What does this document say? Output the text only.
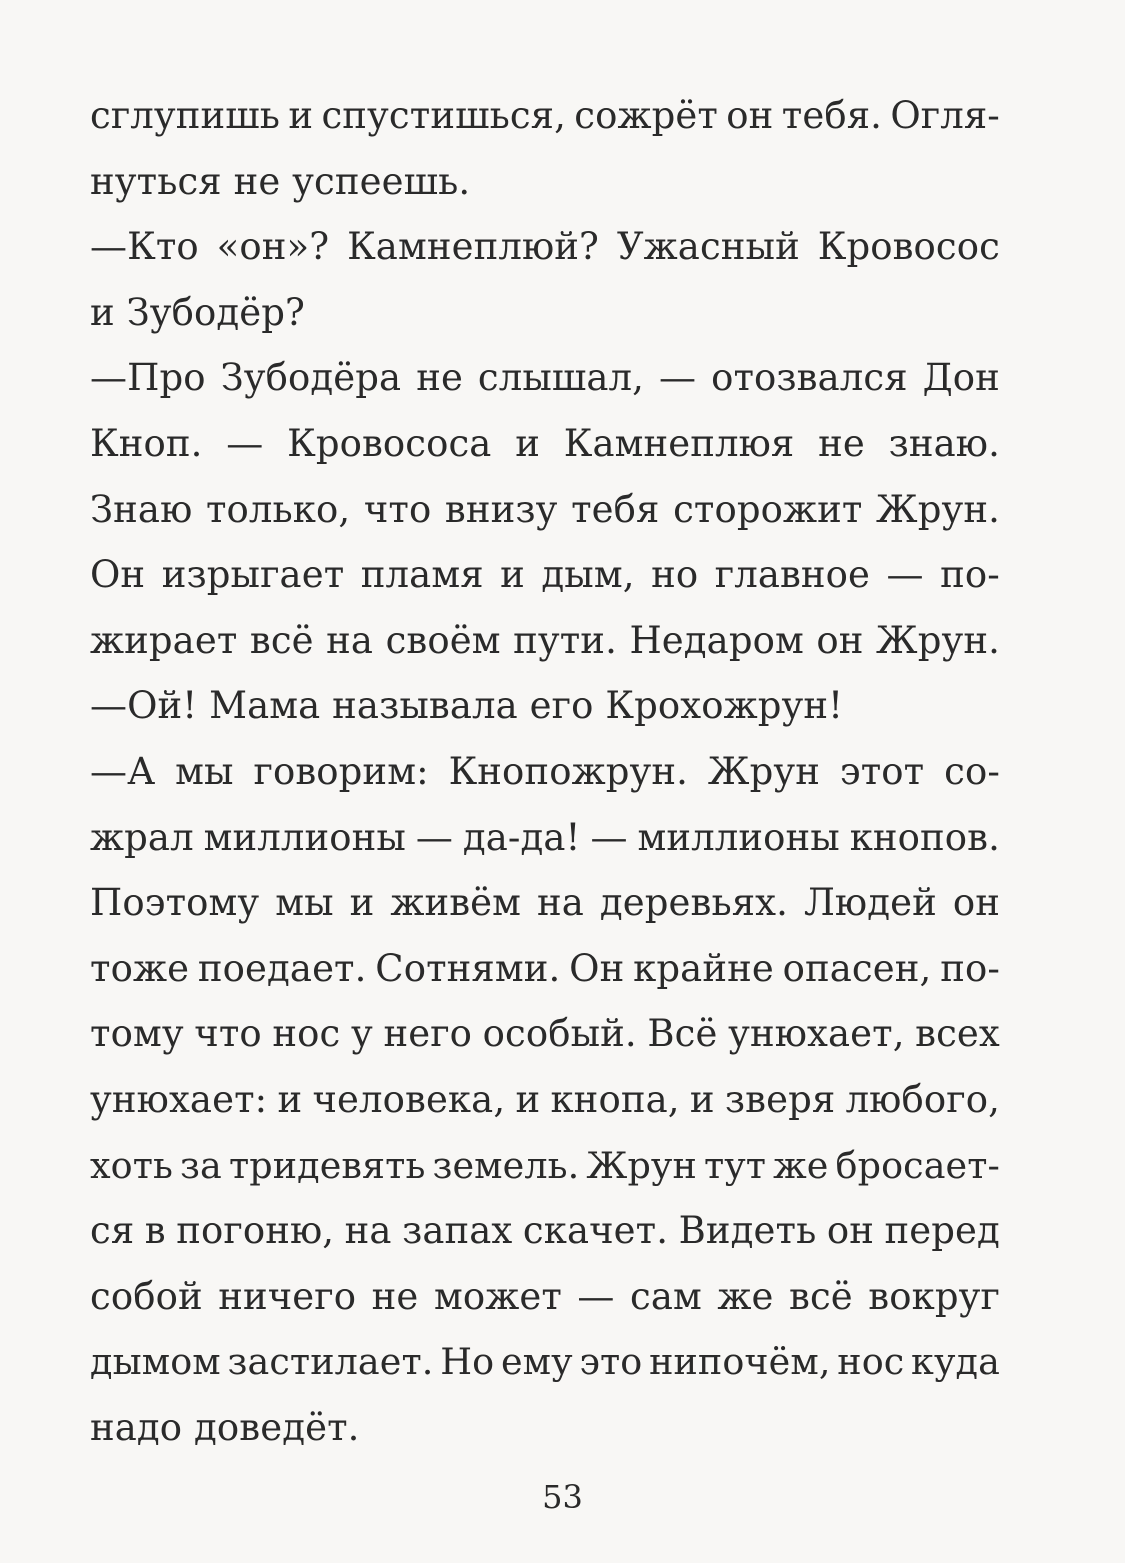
сглупишь и спустишься, сожрёт он тебя. Огля-
нуться не успеешь.
—Кто «он»? Камнеплюй? Ужасный Кровосос
и Зубодёр?
—Про Зубодёра не слышал, — отозвался Дон
Кноп. — Кровососа и Камнеплюя не знаю.
Знаю только, что внизу тебя сторожит Жрун.
Он изрыгает пламя и дым, но главное — по-
жирает всё на своём пути. Недаром он Жрун.
—Ой! Мама называла его Крохожрун!
—А мы говорим: Кнопожрун. Жрун этот со-
жрал миллионы — да-да! — миллионы кнопов.
Поэтому мы и живём на деревьях. Людей он
тоже поедает. Сотнями. Он крайне опасен, по-
тому что нос у него особый. Всё унюхает, всех
унюхает: и человека, и кнопа, и зверя любого,
хоть за тридевять земель. Жрун тут же бросает-
ся в погоню, на запах скачет. Видеть он перед
собой ничего не может — сам же всё вокруг
дымом застилает. Но ему это нипочём, нос куда
надо доведёт.
53
